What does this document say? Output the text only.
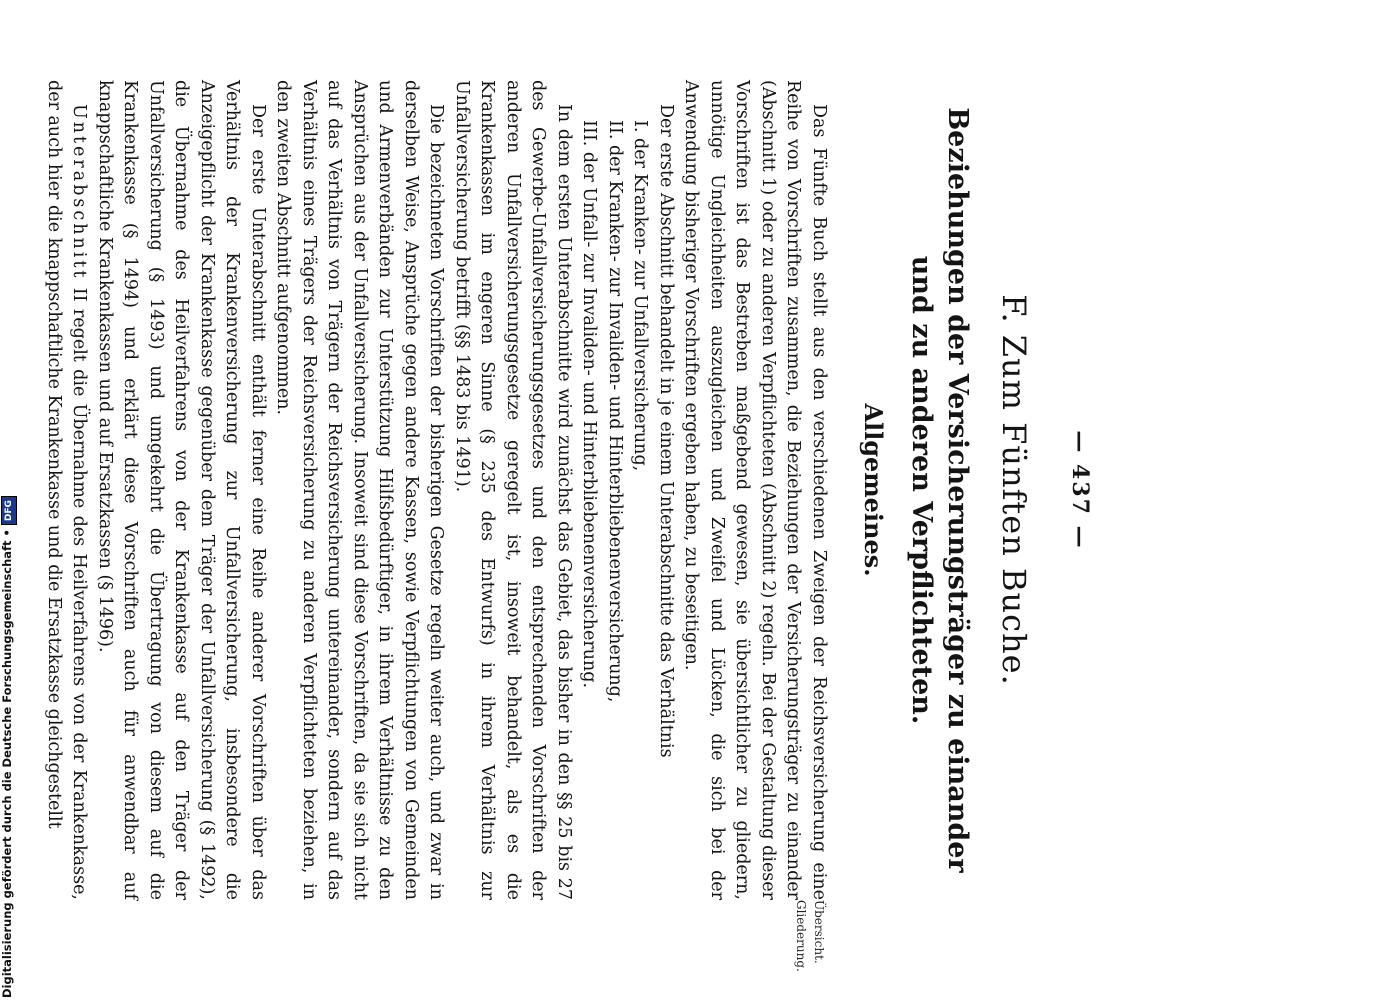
Digitalisierung gefördert durch die Deutsche Forschungsgemeinschaft •DFG	— 437 —
F. Zum Fünften Buche.
Beziehungen der Versicherungsträger zu einander
und zu anderen Verpflichteten.
Allgemeines.
Übersicht.
Gliederung.

Das Fünfte Buch stellt aus den verschiedenen Zweigen der Reichsversicherung eine Reihe von Vorschriften zusammen, die Beziehungen der Versicherungsträger zu einander (Abschnitt 1) oder zu anderen Verpflichteten (Abschnitt 2) regeln. Bei der Gestaltung dieser Vorschriften ist das Bestreben maßgebend gewesen, sie übersichtlicher zu gliedern, unnötige Ungleichheiten auszugleichen und Zweifel und Lücken, die sich bei der Anwendung bisheriger Vorschriften ergeben haben, zu beseitigen.

Der erste Abschnitt behandelt in je einem Unterabschnitte das Verhältnis

I. der Kranken- zur Unfallversicherung,

II. der Kranken- zur Invaliden- und Hinterbliebenenversicherung,

III. der Unfall- zur Invaliden- und Hinterbliebenenversicherung.

In dem ersten Unterabschnitte wird zunächst das Gebiet, das bisher in den §§ 25 bis 27 des Gewerbe-Unfallversicherungsgesetzes und den entsprechenden Vorschriften der anderen Unfallversicherungsgesetze geregelt ist, insoweit behandelt, als es die Krankenkassen im engeren Sinne (§ 235 des Entwurfs) in ihrem Verhältnis zur Unfallversicherung betrifft (§§ 1483 bis 1491).

Die bezeichneten Vorschriften der bisherigen Gesetze regeln weiter auch, und zwar in derselben Weise, Ansprüche gegen andere Kassen, sowie Verpflichtungen von Gemeinden und Armenverbänden zur Unterstützung Hilfsbedürftiger, in ihrem Verhältnisse zu den Ansprüchen aus der Unfallversicherung. Insoweit sind diese Vorschriften, da sie sich nicht auf das Verhältnis von Trägern der Reichsversicherung untereinander, sondern auf das Verhältnis eines Trägers der Reichsversicherung zu anderen Verpflichteten beziehen, in den zweiten Abschnitt aufgenommen.

Der erste Unterabschnitt enthält ferner eine Reihe anderer Vorschriften über das Verhältnis der Krankenversicherung zur Unfallversicherung, insbesondere die Anzeigepflicht der Krankenkasse gegenüber dem Träger der Unfallversicherung (§ 1492), die Übernahme des Heilverfahrens von der Krankenkasse auf den Träger der Unfallversicherung (§ 1493) und umgekehrt die Übertragung von diesem auf die Krankenkasse (§ 1494) und erklärt diese Vorschriften auch für anwendbar auf knappschaftliche Krankenkassen und auf Ersatzkassen (§ 1496).

Unterabschnitt II regelt die Übernahme des Heilverfahrens von der Krankenkasse, der auch hier die knappschaftliche Krankenkasse und die Ersatzkasse gleichgestellt
